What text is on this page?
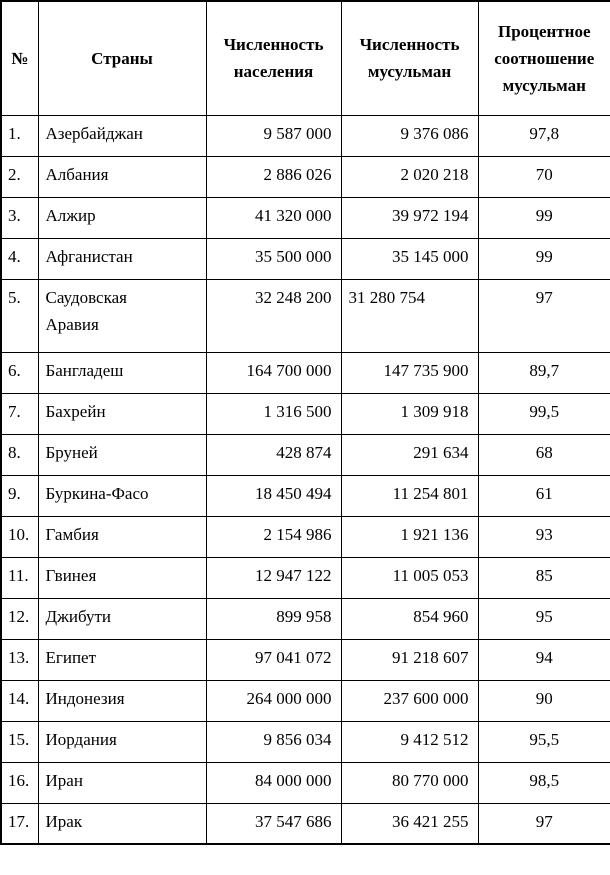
№	Страны	Численность населения	Численность мусульман	Процентное соотношение мусульман
1.	Азербайджан	9 587 000	9 376 086	97,8
2.	Албания	2 886 026	2 020 218	70
3.	Алжир	41 320 000	39 972 194	99
4.	Афганистан	35 500 000	35 145 000	99
5.	Саудовская Аравия	32 248 200	31 280 754	97
6.	Бангладеш	164 700 000	147 735 900	89,7
7.	Бахрейн	1 316 500	1 309 918	99,5
8.	Бруней	428 874	291 634	68
9.	Буркина-Фасо	18 450 494	11 254 801	61
10.	Гамбия	2 154 986	1 921 136	93
11.	Гвинея	12 947 122	11 005 053	85
12.	Джибути	899 958	854 960	95
13.	Египет	97 041 072	91 218 607	94
14.	Индонезия	264 000 000	237 600 000	90
15.	Иордания	9 856 034	9 412 512	95,5
16.	Иран	84 000 000	80 770 000	98,5
17.	Ирак	37 547 686	36 421 255	97
